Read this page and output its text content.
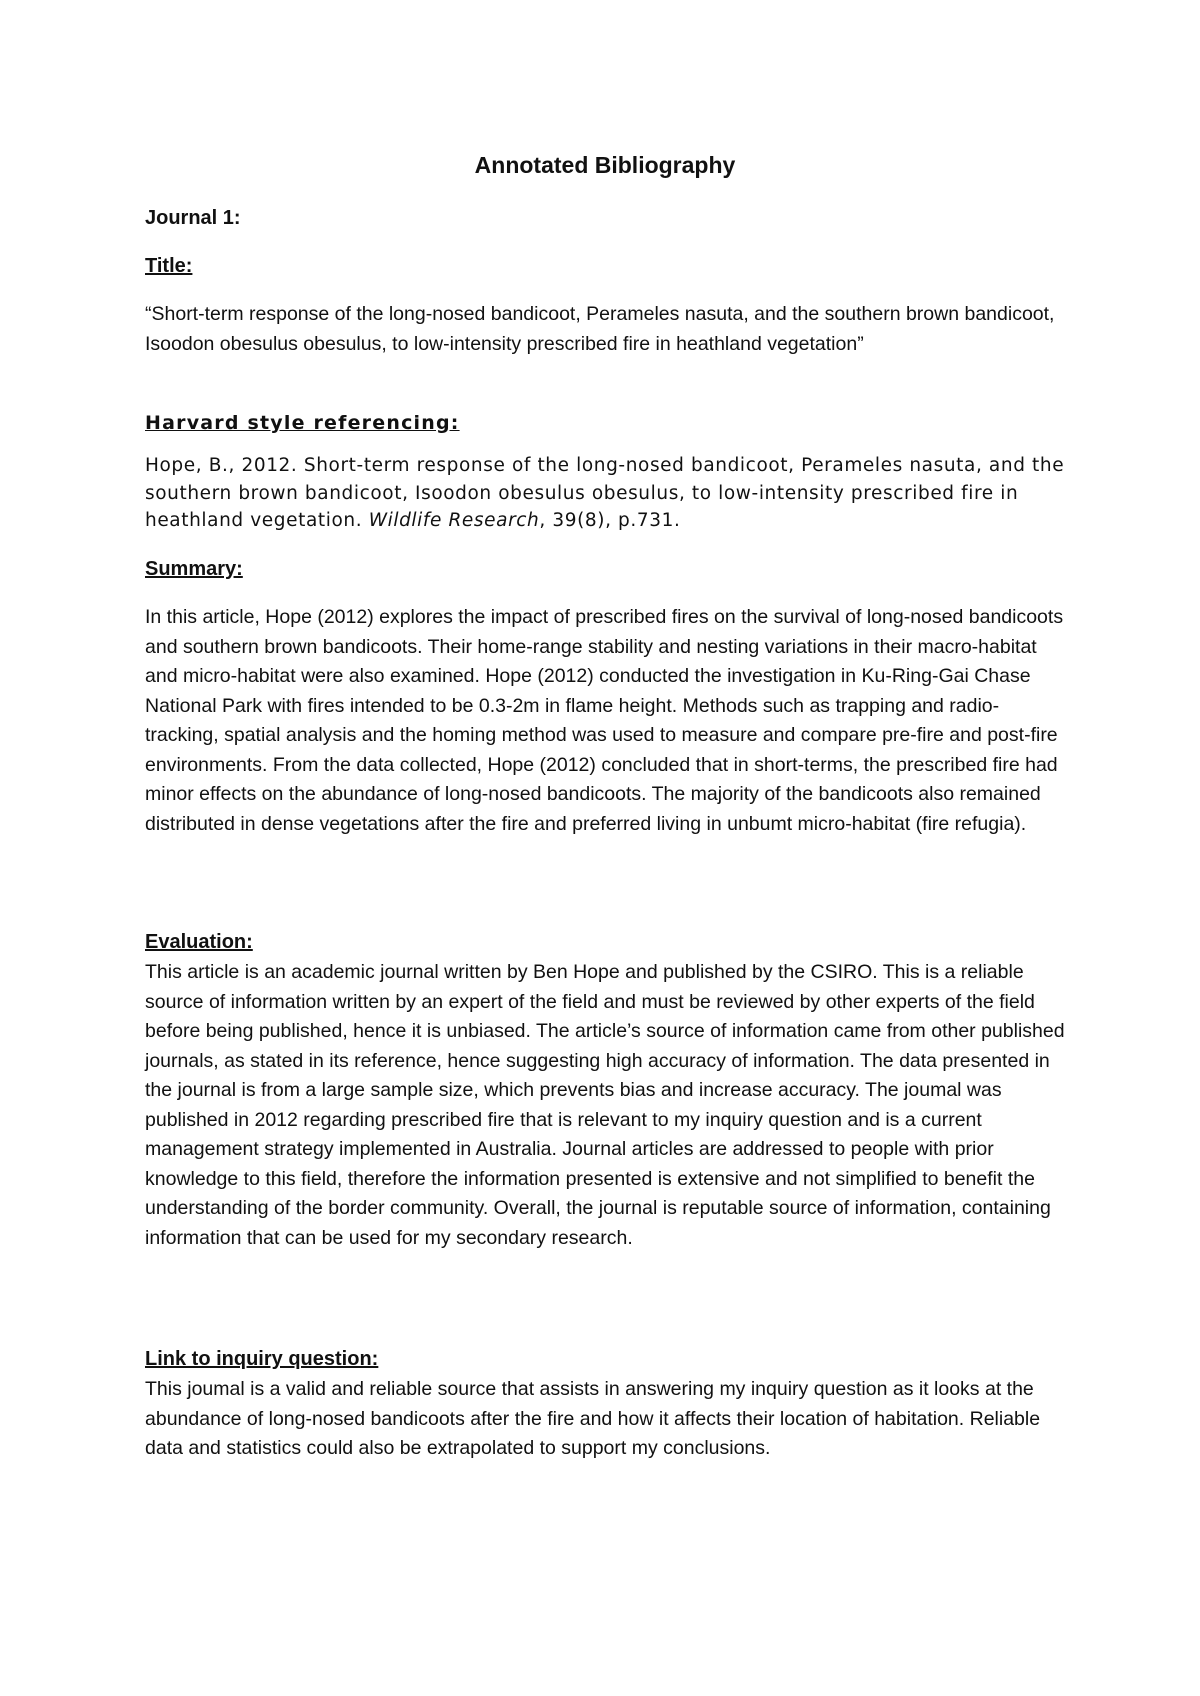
Annotated Bibliography

Journal 1:

Title:

“Short-term response of the long-nosed bandicoot, Perameles nasuta, and the southern brown bandicoot, Isoodon obesulus obesulus, to low-intensity prescribed fire in heathland vegetation”

Harvard style referencing:

Hope, B., 2012. Short-term response of the long-nosed bandicoot, Perameles nasuta, and the southern brown bandicoot, Isoodon obesulus obesulus, to low-intensity prescribed fire in heathland vegetation. Wildlife Research, 39(8), p.731.

Summary:

In this article, Hope (2012) explores the impact of prescribed fires on the survival of long-nosed bandicoots and southern brown bandicoots. Their home-range stability and nesting variations in their macro-habitat and micro-habitat were also examined. Hope (2012) conducted the investigation in Ku-Ring-Gai Chase National Park with fires intended to be 0.3-2m in flame height. Methods such as trapping and radio-tracking, spatial analysis and the homing method was used to measure and compare pre-fire and post-fire environments. From the data collected, Hope (2012) concluded that in short-terms, the prescribed fire had minor effects on the abundance of long-nosed bandicoots. The majority of the bandicoots also remained distributed in dense vegetations after the fire and preferred living in unbumt micro-habitat (fire refugia).

Evaluation:

This article is an academic journal written by Ben Hope and published by the CSIRO. This is a reliable source of information written by an expert of the field and must be reviewed by other experts of the field before being published, hence it is unbiased. The article’s source of information came from other published journals, as stated in its reference, hence suggesting high accuracy of information. The data presented in the journal is from a large sample size, which prevents bias and increase accuracy. The joumal was published in 2012 regarding prescribed fire that is relevant to my inquiry question and is a current management strategy implemented in Australia. Journal articles are addressed to people with prior knowledge to this field, therefore the information presented is extensive and not simplified to benefit the understanding of the border community. Overall, the journal is reputable source of information, containing information that can be used for my secondary research.

Link to inquiry question:

This joumal is a valid and reliable source that assists in answering my inquiry question as it looks at the abundance of long-nosed bandicoots after the fire and how it affects their location of habitation. Reliable data and statistics could also be extrapolated to support my conclusions.
